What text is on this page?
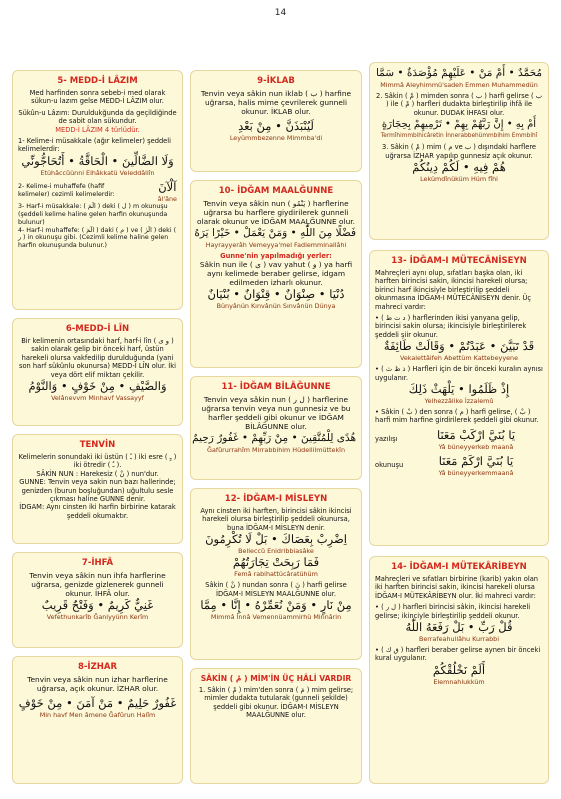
14
5- MEDD-İ LÂZIM
Med harfinden sonra sebeb-i med olarak sükun-u lazım gelse MEDD-İ LÂZIM olur.
Sükûn-u Lâzım: Duruldukğunda da geçildiğinde de sabit olan sükundur.
MEDD-İ LÂZIM 4 türlüdür.
1- Kelime-i müsakkale (ağır kelimeler) şeddeli kelimelerdir:
وَلَا الضَّالِّينَ • الْحَاقَّةُ • أَتُحَاجُّونِّي
Etühâccûünni Elhâkkatü Veleddâllîn
2- Kelime-i muhaffefe (hafif kelimeler) cezimli kelimelerdir:
آلْآنَ
âl'âne
3- Harf-i müsakkale: ( الٓمٓ ) deki ( ل ) m okunuşu (şeddeli kelime haline gelen harfin okunuşunda bulunur)
4- Harf-i muhaffefe: ( الٓمٓ ) daki ( م ) ve ( الٓرٰ ) deki ( ر ) in okunuşu gibi. (Cezimli kelime haline gelen harfin okunuşunda bulunur.)
6-MEDD-İ LÎN
Bir kelimenin ortasındaki harf, harf-i lîn ( و ى ) sakin olarak gelip bir önceki harf, üstün harekeli olursa vakfedilip durulduğunda (yani son harf sükûnlu okunursa) MEDD-İ LÎN olur. İki veya dört elif miktarı çekilir.
وَالصَّيْفِ • مِنْ خَوْفٍ • وَالنَّوْمُ
Velânevvm Minhavf Vassayyf
TENVİN
Kelimelerin sonundaki iki üstün ( ـً ) iki esre ( ـٍ ) iki ötredir ( ـٌ ).
SÂKİN NUN : Harekesiz ( نْ ) nun'dur.
GUNNE: Tenvin veya sakin nun bazı hallerinde; genizden (burun boşluğundan) uğultulu sesle çıkması haline GUNNE denir.
İDGAM: Aynı cinsten iki harfin birbirine katarak şeddeli okumaktır.
7-İHFÂ
Tenvin veya sâkin nun ihfa harflerine uğrarsa, genizde gizlenerek gunneli okunur. İHFÂ olur.
غَنِيٌّ كَرِيمٌ • وَفَتْحٌ قَرِيبٌ
Vefethunkarîb Ğaniyyünn Kerîm
8-İZHAR
Tenvin veya sâkin nun izhar harflerine uğrarsa, açık okunur. İZHAR olur.
غَفُورٌ حَلِيمٌ • مَنْ آمَنَ • مِنْ خَوْفٍ
Min havf Men âmene Ğafûrun Halîm
9-İKLAB
Tenvin veya sâkin nun iklab ( ب ) harfine uğrarsa, halis mime çevrilerek gunneli okunur. İKLAB olur.
لَيُنْبَذَنَّ • مِنْ بَعْدِ
Leyümmbezenne Mimmba'di
10- İDĞAM MAALĞUNNE
Tenvin veya sâkin nun ( يَنْمُو ) harflerine uğrarsa bu harflere giydirilerek gunneli olarak okunur ve İDĞAM MAALĞUNNE olur.
فَضْلًا مِنَ اللّٰهِ • وَمَنْ يَعْمَلْ • خَيْرًا يَرَهُ
Hayrayyerâh Vemeyya'mel Fadlemminallâhi
Gunne'nin yapılmadığı yerler:
Sâkin nun ile ( ى ) vav yahut ( و ) ya harfi aynı kelimede beraber gelirse, idgam edilmeden izharlı okunur.
دُنْيَا • صِنْوَانٌ • قِنْوَانٌ • بُنْيَانٌ
Bünyânün Kınvânün Sınvânün Dünya
11- İDĞAM BİLÂĞUNNE
Tenvin veya sâkin nun ( ل ر ) harflerine uğrarsa tenvin veya nun gunnesiz ve bu harfler şeddeli gibi okunur ve İDĞAM BİLÂĞUNNE olur.
هُدًى لِلْمُتَّقِينَ • مِنْ رَبِّهِمْ • غَفُورٌ رَحِيمٌ
Ğafûrurrahîm Mirrabbihim Hüdellilmüttekîn
12- İDĞAM-I MİSLEYN
Aynı cinsten iki harften, birincisi sâkin ikincisi harekeli olursa birleştirilip şeddeli okunursa, buna İDĞAM-I MİSLEYN denir.
اِضْرِبْ بِعَصَاكَ • بَلْ لَا تُكْرِمُونَ
Belleccû Enidribbiasâke
فَمَا رَبِحَتْ تِجَارَتُهُمْ
Femâ rabihattücâratühüm
Sâkin ( نْ ) nundan sonra ( نَ ) harfi gelirse İDĞAM-I MİSLEYN MAALĞUNNE olur.
مِنْ نَارٍ • وَمَنْ نُعَمِّرْهُ • إِنَّا • مِمَّا
Mimmâ İnnâ Vemennüammirhü Minnârin
SÂKİN ( مْ ) MİM'İN ÜÇ HÂLİ VARDIR
1. Sâkin ( مْ ) mim'den sonra ( مَ ) mim gelirse; mimler dudakta tutularak (gunneli şekilde) şeddeli gibi okunur. İDĞAM-I MİSLEYN MAALĞUNNE olur.
مُحَمَّدٌ • أَمْ مَنْ • عَلَيْهِمْ مُؤْصَدَةٌ • سَمَّا
Mimmâ Aleyhimmü'sadeh Emmen Muhammedün
2. Sâkin ( مْ ) mimden sonra ( ب ) harfi gelirse ( ب ) ile ( مْ ) harfleri dudakta birleştirilip ihfâ ile okunur. DUDAK İHFASI olur.
أَمْ بِهِ • إِنَّ رَبَّهُمْ بِهِمْ • تَرْمِيهِمْ بِحِجَارَةٍ
Termîhimmbihicâretin İnnerabbehümmbihim Emmbihî
3. Sâkin ( مْ ) mim ( م ve ب ) dışındaki harflere uğrarsa İZHAR yapılıp gunnesiz açık okunur.
هُمْ فِيهِ • لَكُمْ دِينُكُمْ
Lekümdînüküm Hüm fîhi
13- İDĞAM-I MÜTECÂNİSEYN
Mahreçleri aynı olup, sıfatları başka olan, iki harften birincisi sakin, ikincisi harekeli olursa; birinci harf ikincisiyle birleştirilip şeddeli okunmasına İDĞAM-I MÜTECÂNİSEYN denir. Üç mahreci vardır:
• ( د ت ط ) harflerinden ikisi yanyana gelip, birincisi sakin olursa; ikincisiyle birleştirilerek şeddeli şiir okunur.
قَدْ تَبَيَّنَ • عَبَدْتُمْ • وَقَالَتْ طَائِفَةٌ
Vekalettâifeh Abettüm Kattebeyyene
• ( ذ ظ ث ) Harfleri için de bir önceki kuralın aynısı uygulanır.
إِذْ ظَلَمُوا • يَلْهَثْ ذَلِكَ
Yelhezzâlike İzzalemû
• Sâkin ( بْ ) den sonra ( م ) harfi gelirse, ( بْ ) harfi mim harfine girdirilerek şeddeli gibi okunur.
yazılışı	يَا بُنَيَّ ارْكَبْ مَعَنَا
Yâ büneyyerkeb maanâ
okunuşu	يَا بُنَيَّ ارْكَمْ مَعَنَا
Yâ büneyyerkemmaanâ
14- İDĞAM-I MÜTEKÂRİBEYN
Mahreçleri ve sıfatları birbirine (karib) yakın olan iki harften birincisi sakin, ikincisi harekeli olursa İDĞAM-I MÜTEKÂRİBEYN olur. İki mahreci vardır:
• ( ل ر ) harfleri birincisi sâkin, ikincisi harekeli gelirse; ikinciyle birleştirilip şeddeli okunur.
قُلْ رَبِّ • بَلْ رَفَعَهُ اللّٰهُ
Berrafeahullâhu Kurrabbi
• ( ق ك ) harfleri beraber gelirse aynen bir önceki kural uygulanır.
أَلَمْ نَخْلُقْكُمْ
Elemnahlukküm
